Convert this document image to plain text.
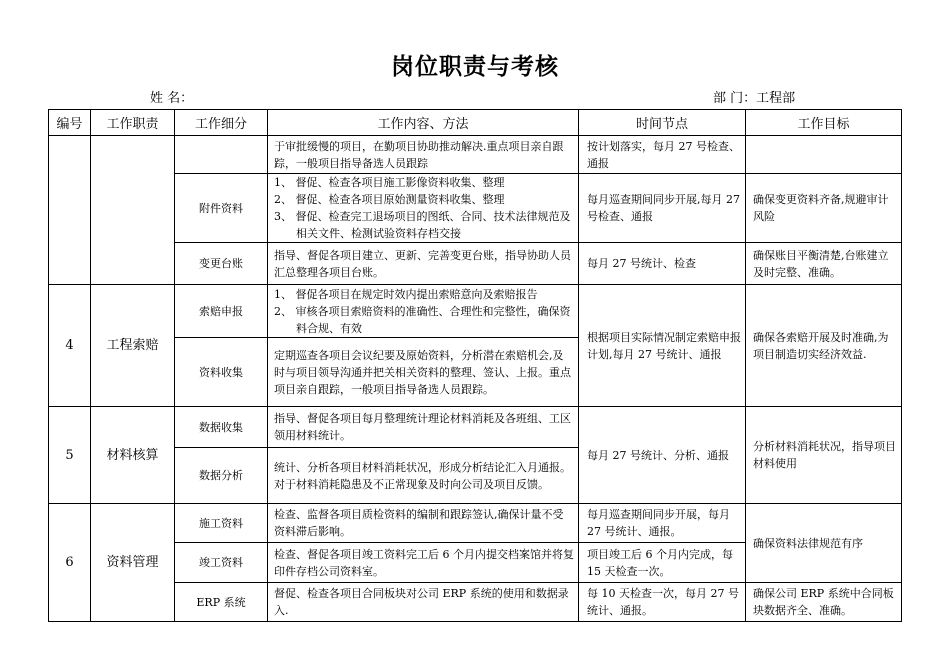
岗位职责与考核
姓 名：	部 门：工程部
编号	工作职责	工作细分	工作内容、方法	时间节点	工作目标
			于审批缓慢的项目，在勤项目协助推动解决.重点项目亲自跟踪，一般项目指导备选人员跟踪	按计划落实，每月 27 号检查、通报	
		附件资料	1、 督促、检查各项目施工影像资料收集、整理
2、 督促、检查各项目原始测量资料收集、整理
3、 督促、检查完工退场项目的图纸、合同、技术法律规范及相关文件、检测试验资料存档交接	每月巡查期间同步开展,每月 27 号检查、通报	确保变更资料齐备,规避审计风险
		变更台账	指导、督促各项目建立、更新、完善变更台账，指导协助人员汇总整理各项目台账。	每月 27 号统计、检查	确保账目平衡清楚,台账建立及时完整、准确。
4	工程索赔	索赔申报	1、 督促各项目在规定时效内提出索赔意向及索赔报告
2、 审核各项目索赔资料的准确性、合理性和完整性，确保资料合规、有效	根据项目实际情况制定索赔申报计划,每月 27 号统计、通报	确保各索赔开展及时准确,为项目制造切实经济效益.
		资料收集	定期巡查各项目会议纪要及原始资料，分析潜在索赔机会,及时与项目领导沟通并把关相关资料的整理、签认、上报。重点项目亲自跟踪，一般项目指导备选人员跟踪。		
5	材料核算	数据收集	指导、督促各项目每月整理统计理论材料消耗及各班组、工区领用材料统计。	每月 27 号统计、分析、通报	分析材料消耗状况，指导项目材料使用
		数据分析	统计、分析各项目材料消耗状况，形成分析结论汇入月通报。对于材料消耗隐患及不正常现象及时向公司及项目反馈。		
6	资料管理	施工资料	检查、监督各项目质检资料的编制和跟踪签认,确保计量不受资料滞后影响。	每月巡查期间同步开展，每月 27 号统计、通报。	确保资料法律规范有序
		竣工资料	检查、督促各项目竣工资料完工后 6 个月内提交档案馆并将复印件存档公司资料室。	项目竣工后 6 个月内完成，每 15 天检查一次。	
		ERP 系统	督促、检查各项目合同板块对公司 ERP 系统的使用和数据录入.	每 10 天检查一次，每月 27 号统计、通报。	确保公司 ERP 系统中合同板块数据齐全、准确。
